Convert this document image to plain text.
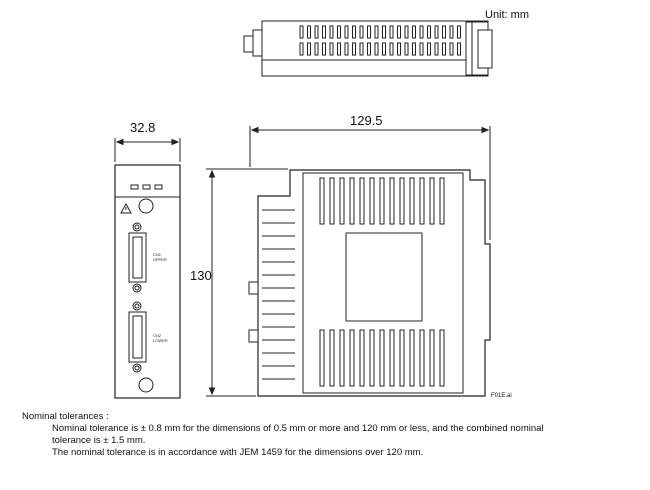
Unit: mm
129.5
32.8
130
CN1
UPPER
CN2
LOWER
F01E.ai
Nominal tolerances :
Nominal tolerance is ± 0.8 mm for the dimensions of 0.5 mm or more and 120 mm or less, and the combined nominal
tolerance is ± 1.5 mm.
The nominal tolerance is in accordance with JEM 1459 for the dimensions over 120 mm.
